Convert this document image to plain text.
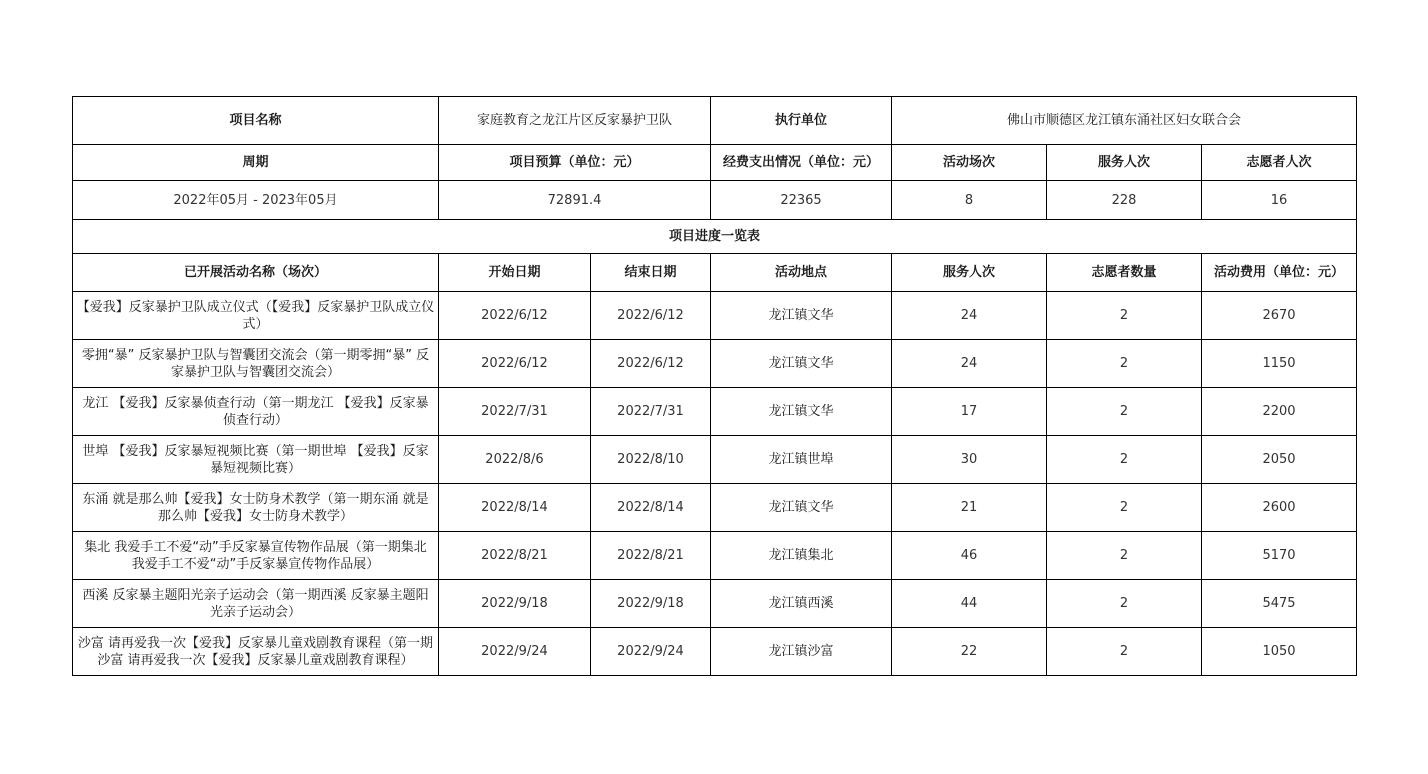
项目名称	家庭教育之龙江片区反家暴护卫队		执行单位	佛山市顺德区龙江镇东涌社区妇女联合会		
周期	项目预算（单位：元）		经费支出情况（单位：元）	活动场次	服务人次	志愿者人次
2022年05月 - 2023年05月	72891.4		22365	8	228	16
项目进度一览表						
已开展活动名称（场次）	开始日期	结束日期	活动地点	服务人次	志愿者数量	活动费用（单位：元）
【爱我】反家暴护卫队成立仪式（【爱我】反家暴护卫队成立仪式）	2022/6/12	2022/6/12	龙江镇文华	24	2	2670
零拥“暴” 反家暴护卫队与智囊团交流会（第一期零拥“暴” 反家暴护卫队与智囊团交流会）	2022/6/12	2022/6/12	龙江镇文华	24	2	1150
龙江 【爱我】反家暴侦查行动（第一期龙江 【爱我】反家暴侦查行动）	2022/7/31	2022/7/31	龙江镇文华	17	2	2200
世埠 【爱我】反家暴短视频比赛（第一期世埠 【爱我】反家暴短视频比赛）	2022/8/6	2022/8/10	龙江镇世埠	30	2	2050
东涌 就是那么帅【爱我】女士防身术教学（第一期东涌 就是那么帅【爱我】女士防身术教学）	2022/8/14	2022/8/14	龙江镇文华	21	2	2600
集北 我爱手工不爱“动”手反家暴宣传物作品展（第一期集北 我爱手工不爱“动”手反家暴宣传物作品展）	2022/8/21	2022/8/21	龙江镇集北	46	2	5170
西溪 反家暴主题阳光亲子运动会（第一期西溪 反家暴主题阳光亲子运动会）	2022/9/18	2022/9/18	龙江镇西溪	44	2	5475
沙富 请再爱我一次【爱我】反家暴儿童戏剧教育课程（第一期沙富 请再爱我一次【爱我】反家暴儿童戏剧教育课程）	2022/9/24	2022/9/24	龙江镇沙富	22	2	1050
